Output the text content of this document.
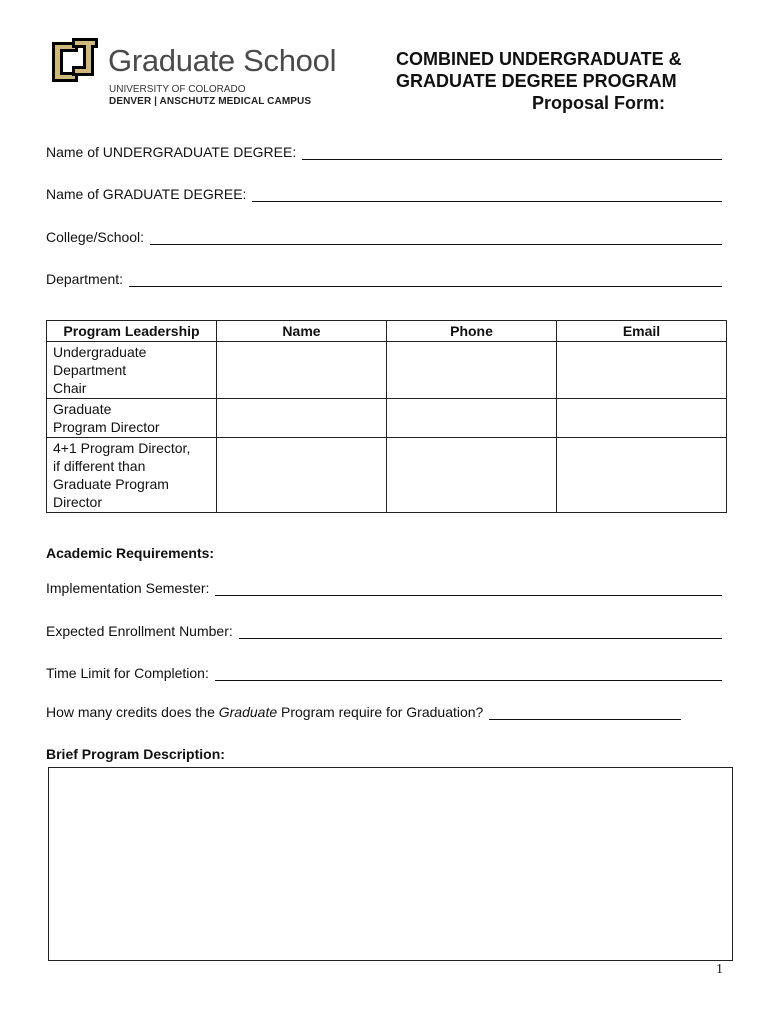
Graduate School
UNIVERSITY OF COLORADO
DENVER | ANSCHUTZ MEDICAL CAMPUS
COMBINED UNDERGRADUATE &
GRADUATE DEGREE PROGRAM
Proposal Form:
Name of UNDERGRADUATE DEGREE:
Name of GRADUATE DEGREE:
College/School:
Department:
Program Leadership	Name	Phone	Email

Undergraduate
Department
Chair			

Graduate
Program Director			

4+1 Program Director,
if different than
Graduate Program
Director			

Academic Requirements:
Implementation Semester:
Expected Enrollment Number:
Time Limit for Completion:
How many credits does the Graduate Program require for Graduation?
Brief Program Description:
1
